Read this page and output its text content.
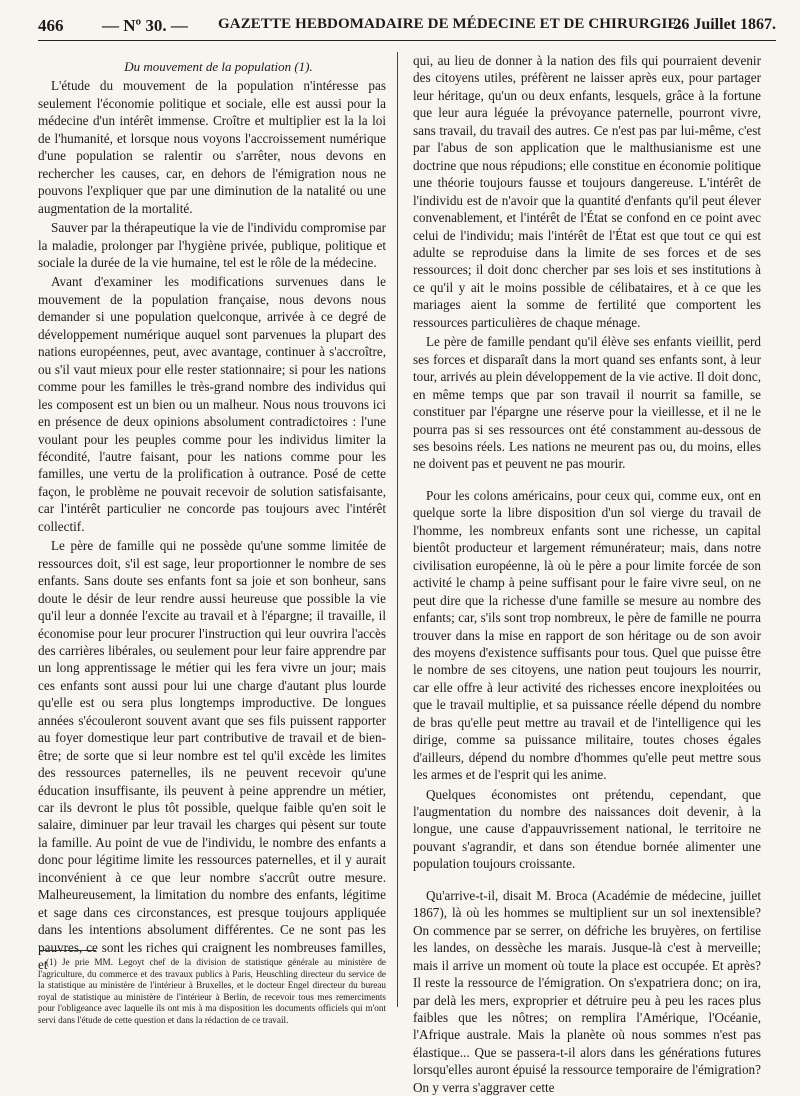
466 — Nº 30. — GAZETTE HEBDOMADAIRE DE MÉDECINE ET DE CHIRURGIE.
26 Juillet 1867.

Du mouvement de la population (1).

L'étude du mouvement de la population n'intéresse pas seulement l'économie politique et sociale, elle est aussi pour la médecine d'un intérêt immense. Croître et multiplier est la la loi de l'humanité, et lorsque nous voyons l'accroissement numérique d'une population se ralentir ou s'arrêter, nous devons en rechercher les causes, car, en dehors de l'émigration nous ne pouvons l'expliquer que par une diminution de la natalité ou une augmentation de la mortalité.

Sauver par la thérapeutique la vie de l'individu compromise par la maladie, prolonger par l'hygiène privée, publique, politique et sociale la durée de la vie humaine, tel est le rôle de la médecine.

Avant d'examiner les modifications survenues dans le mouvement de la population française, nous devons nous demander si une population quelconque, arrivée à ce degré de développement numérique auquel sont parvenues la plupart des nations européennes, peut, avec avantage, continuer à s'accroître, ou s'il vaut mieux pour elle rester stationnaire; si pour les nations comme pour les familles le très-grand nombre des individus qui les composent est un bien ou un malheur. Nous nous trouvons ici en présence de deux opinions absolument contradictoires : l'une voulant pour les peuples comme pour les individus limiter la fécondité, l'autre faisant, pour les nations comme pour les familles, une vertu de la prolification à outrance. Posé de cette façon, le problème ne pouvait recevoir de solution satisfaisante, car l'intérêt particulier ne concorde pas toujours avec l'intérêt collectif.

Le père de famille qui ne possède qu'une somme limitée de ressources doit, s'il est sage, leur proportionner le nombre de ses enfants. Sans doute ses enfants font sa joie et son bonheur, sans doute le désir de leur rendre aussi heureuse que possible la vie qu'il leur a donnée l'excite au travail et à l'épargne; il travaille, il économise pour leur procurer l'instruction qui leur ouvrira l'accès des carrières libérales, ou seulement pour leur faire apprendre par un long apprentissage le métier qui les fera vivre un jour; mais ces enfants sont aussi pour lui une charge d'autant plus lourde qu'elle est ou sera plus longtemps improductive. De longues années s'écouleront souvent avant que ses fils puissent rapporter au foyer domestique leur part contributive de travail et de bien-être; de sorte que si leur nombre est tel qu'il excède les limites des ressources paternelles, ils ne peuvent recevoir qu'une éducation insuffisante, ils peuvent à peine apprendre un métier, car ils devront le plus tôt possible, quelque faible qu'en soit le salaire, diminuer par leur travail les charges qui pèsent sur toute la famille. Au point de vue de l'individu, le nombre des enfants a donc pour légitime limite les ressources paternelles, et il y aurait inconvénient à ce que leur nombre s'accrût outre mesure. Malheureusement, la limitation du nombre des enfants, légitime et sage dans ces circonstances, est presque toujours appliquée dans les intentions absolument différentes. Ce ne sont pas les pauvres, ce sont les riches qui craignent les nombreuses familles, et

qui, au lieu de donner à la nation des fils qui pourraient devenir des citoyens utiles, préfèrent ne laisser après eux, pour partager leur héritage, qu'un ou deux enfants, lesquels, grâce à la fortune que leur aura léguée la prévoyance paternelle, pourront vivre, sans travail, du travail des autres. Ce n'est pas par lui-même, c'est par l'abus de son application que le malthusianisme est une doctrine que nous répudions; elle constitue en économie politique une théorie toujours fausse et toujours dangereuse. L'intérêt de l'individu est de n'avoir que la quantité d'enfants qu'il peut élever convenablement, et l'intérêt de l'État se confond en ce point avec celui de l'individu; mais l'intérêt de l'État est que tout ce qui est adulte se reproduise dans la limite de ses forces et de ses ressources; il doit donc chercher par ses lois et ses institutions à ce qu'il y ait le moins possible de célibataires, et à ce que les mariages aient la somme de fertilité que comportent les ressources particulières de chaque ménage.

Le père de famille pendant qu'il élève ses enfants vieillit, perd ses forces et disparaît dans la mort quand ses enfants sont, à leur tour, arrivés au plein développement de la vie active. Il doit donc, en même temps que par son travail il nourrit sa famille, se constituer par l'épargne une réserve pour la vieillesse, et il ne le pourra pas si ses ressources ont été constamment au-dessous de ses besoins réels. Les nations ne meurent pas ou, du moins, elles ne doivent pas et peuvent ne pas mourir.

Pour les colons américains, pour ceux qui, comme eux, ont en quelque sorte la libre disposition d'un sol vierge du travail de l'homme, les nombreux enfants sont une richesse, un capital bientôt producteur et largement rémunérateur; mais, dans notre civilisation européenne, là où le père a pour limite forcée de son activité le champ à peine suffisant pour le faire vivre seul, on ne peut dire que la richesse d'une famille se mesure au nombre des enfants; car, s'ils sont trop nombreux, le père de famille ne pourra trouver dans la mise en rapport de son héritage ou de son avoir des moyens d'existence suffisants pour tous. Quel que puisse être le nombre de ses citoyens, une nation peut toujours les nourrir, car elle offre à leur activité des richesses encore inexploitées ou que le travail multiplie, et sa puissance réelle dépend du nombre de bras qu'elle peut mettre au travail et de l'intelligence qui les dirige, comme sa puissance militaire, toutes choses égales d'ailleurs, dépend du nombre d'hommes qu'elle peut mettre sous les armes et de l'esprit qui les anime.

Quelques économistes ont prétendu, cependant, que l'augmentation du nombre des naissances doit devenir, à la longue, une cause d'appauvrissement national, le territoire ne pouvant s'agrandir, et dans son étendue bornée alimenter une population toujours croissante.

Qu'arrive-t-il, disait M. Broca (Académie de médecine, juillet 1867), là où les hommes se multiplient sur un sol inextensible? On commence par se serrer, on défriche les bruyères, on fertilise les landes, on dessèche les marais. Jusque-là c'est à merveille; mais il arrive un moment où toute la place est occupée. Et après? Il reste la ressource de l'émigration. On s'expatriera donc; on ira, par delà les mers, exproprier et détruire peu à peu les races plus faibles que les nôtres; on remplira l'Amérique, l'Océanie, l'Afrique australe. Mais la planète où nous sommes n'est pas élastique... Que se passera-t-il alors dans les générations futures lorsqu'elles auront épuisé la ressource temporaire de l'émigration? On y verra s'aggraver cette

(1) Je prie MM. Legoyt chef de la division de statistique générale au ministère de l'agriculture, du commerce et des travaux publics à Paris, Heuschling directeur du service de la statistique au ministère de l'intérieur à Bruxelles, et le docteur Engel directeur du bureau royal de statistique au ministère de l'intérieur à Berlin, de recevoir tous mes remerciments pour l'obligeance avec laquelle ils ont mis à ma disposition les documents officiels qui m'ont servi dans l'étude de cette question et dans la rédaction de ce travail.
